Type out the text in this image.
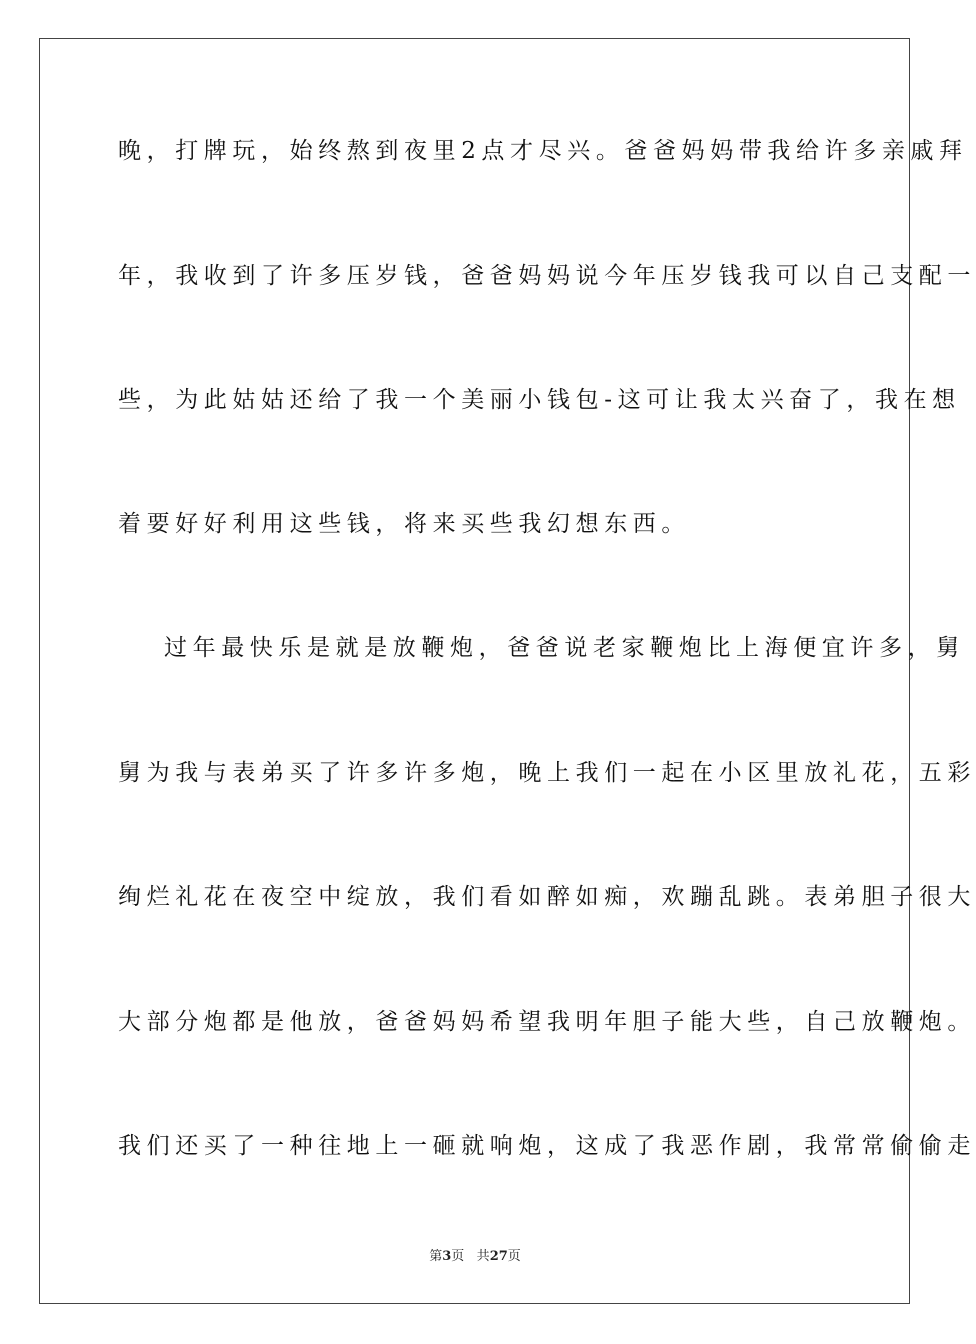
晚，打牌玩，始终熬到夜里2点才尽兴。爸爸妈妈带我给许多亲戚拜
年，我收到了许多压岁钱，爸爸妈妈说今年压岁钱我可以自己支配一
些，为此姑姑还给了我一个美丽小钱包-这可让我太兴奋了，我在想
着要好好利用这些钱，将来买些我幻想东西。
过年最快乐是就是放鞭炮，爸爸说老家鞭炮比上海便宜许多，舅
舅为我与表弟买了许多许多炮，晚上我们一起在小区里放礼花，五彩
绚烂礼花在夜空中绽放，我们看如醉如痴，欢蹦乱跳。表弟胆子很大
大部分炮都是他放，爸爸妈妈希望我明年胆子能大些，自己放鞭炮。
我们还买了一种往地上一砸就响炮，这成了我恶作剧，我常常偷偷走
第3页 共27页
